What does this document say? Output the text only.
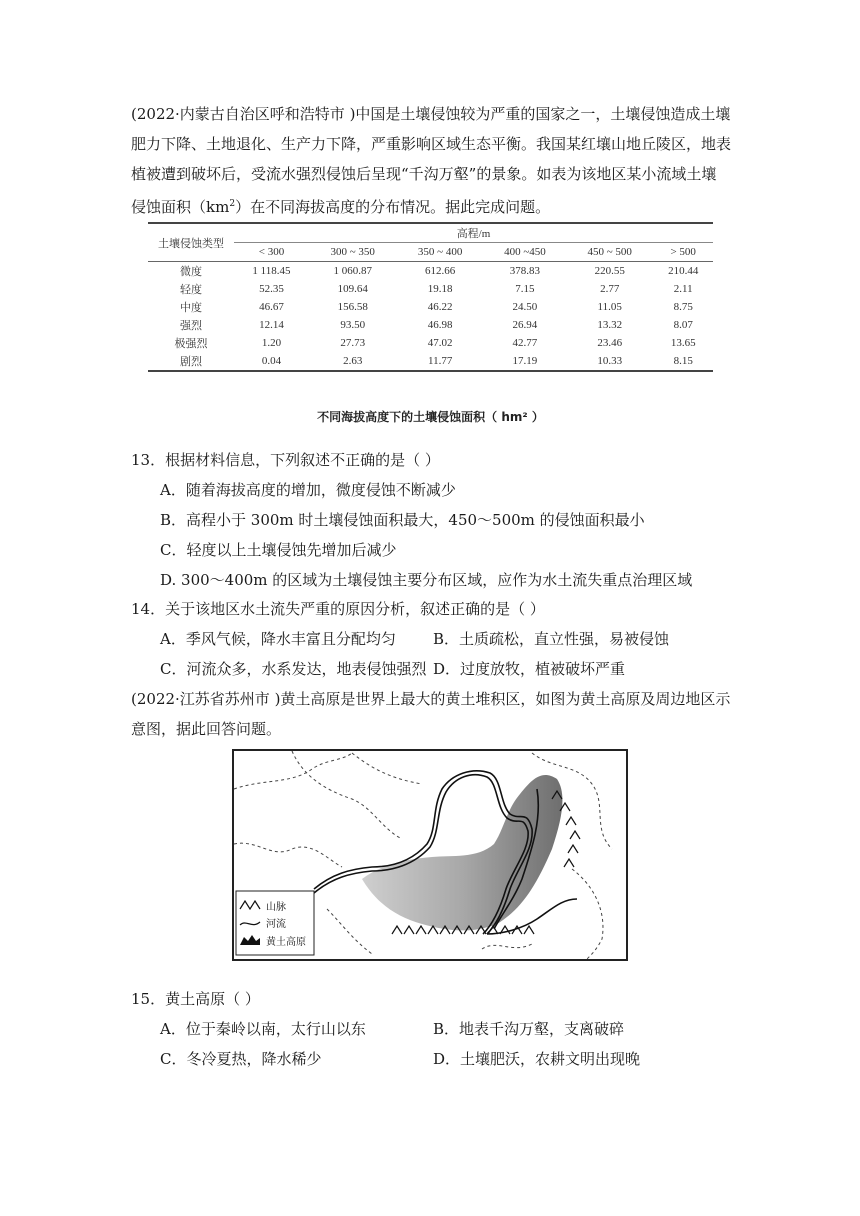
(2022·内蒙古自治区呼和浩特市 )中国是土壤侵蚀较为严重的国家之一，土壤侵蚀造成土壤
肥力下降、土地退化、生产力下降，严重影响区域生态平衡。我国某红壤山地丘陵区，地表
植被遭到破坏后，受流水强烈侵蚀后呈现“千沟万壑”的景象。如表为该地区某小流域土壤
侵蚀面积$(km^2)$在不同海拔高度的分布情况。据此完成问题。
土壤侵蚀类型	高程/m					
	< 300	300 ~ 350	350 ~ 400	400 ~450	450 ~ 500	> 500
微度	1 118.45	1 060.87	612.66	378.83	220.55	210.44
轻度	52.35	109.64	19.18	7.15	2.77	2.11
中度	46.67	156.58	46.22	24.50	11.05	8.75
强烈	12.14	93.50	46.98	26.94	13.32	8.07
极强烈	1.20	27.73	47.02	42.77	23.46	13.65
剧烈	0.04	2.63	11.77	17.19	10.33	8.15
不同海拔高度下的土壤侵蚀面积（ hm² ）
13．根据材料信息，下列叙述不正确的是（ ）
A．随着海拔高度的增加，微度侵蚀不断减少
B．高程小于 300m 时土壤侵蚀面积最大，450～500m 的侵蚀面积最小
C．轻度以上土壤侵蚀先增加后减少
D. 300～400m 的区域为土壤侵蚀主要分布区域，应作为水土流失重点治理区域
14．关于该地区水土流失严重的原因分析，叙述正确的是（ ）
A．季风气候，降水丰富且分配均匀 B．土质疏松，直立性强，易被侵蚀
C．河流众多，水系发达，地表侵蚀强烈 D．过度放牧，植被破坏严重
(2022·江苏省苏州市 )黄土高原是世界上最大的黄土堆积区，如图为黄土高原及周边地区示
意图，据此回答问题。
山脉
河流
黄土高原
15．黄土高原（ ）
A．位于秦岭以南，太行山以东	B．地表千沟万壑，支离破碎
C．冬冷夏热，降水稀少	D．土壤肥沃，农耕文明出现晚
